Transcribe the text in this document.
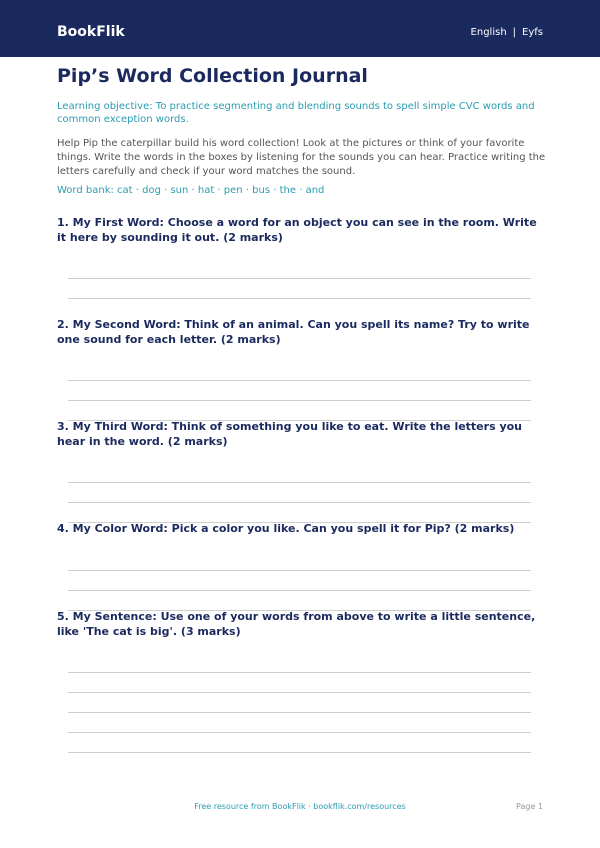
BookFlik	English | Eyfs
Pip’s Word Collection Journal
Learning objective: To practice segmenting and blending sounds to spell simple CVC words and common exception words.
Help Pip the caterpillar build his word collection! Look at the pictures or think of your favorite things. Write the words in the boxes by listening for the sounds you can hear. Practice writing the letters carefully and check if your word matches the sound.
Word bank: cat · dog · sun · hat · pen · bus · the · and
1. My First Word: Choose a word for an object you can see in the room. Write it here by sounding it out. (2 marks)
2. My Second Word: Think of an animal. Can you spell its name? Try to write one sound for each letter. (2 marks)
3. My Third Word: Think of something you like to eat. Write the letters you hear in the word. (2 marks)
4. My Color Word: Pick a color you like. Can you spell it for Pip? (2 marks)
5. My Sentence: Use one of your words from above to write a little sentence, like 'The cat is big'. (3 marks)
Free resource from BookFlik · bookflik.com/resources	Page 1
